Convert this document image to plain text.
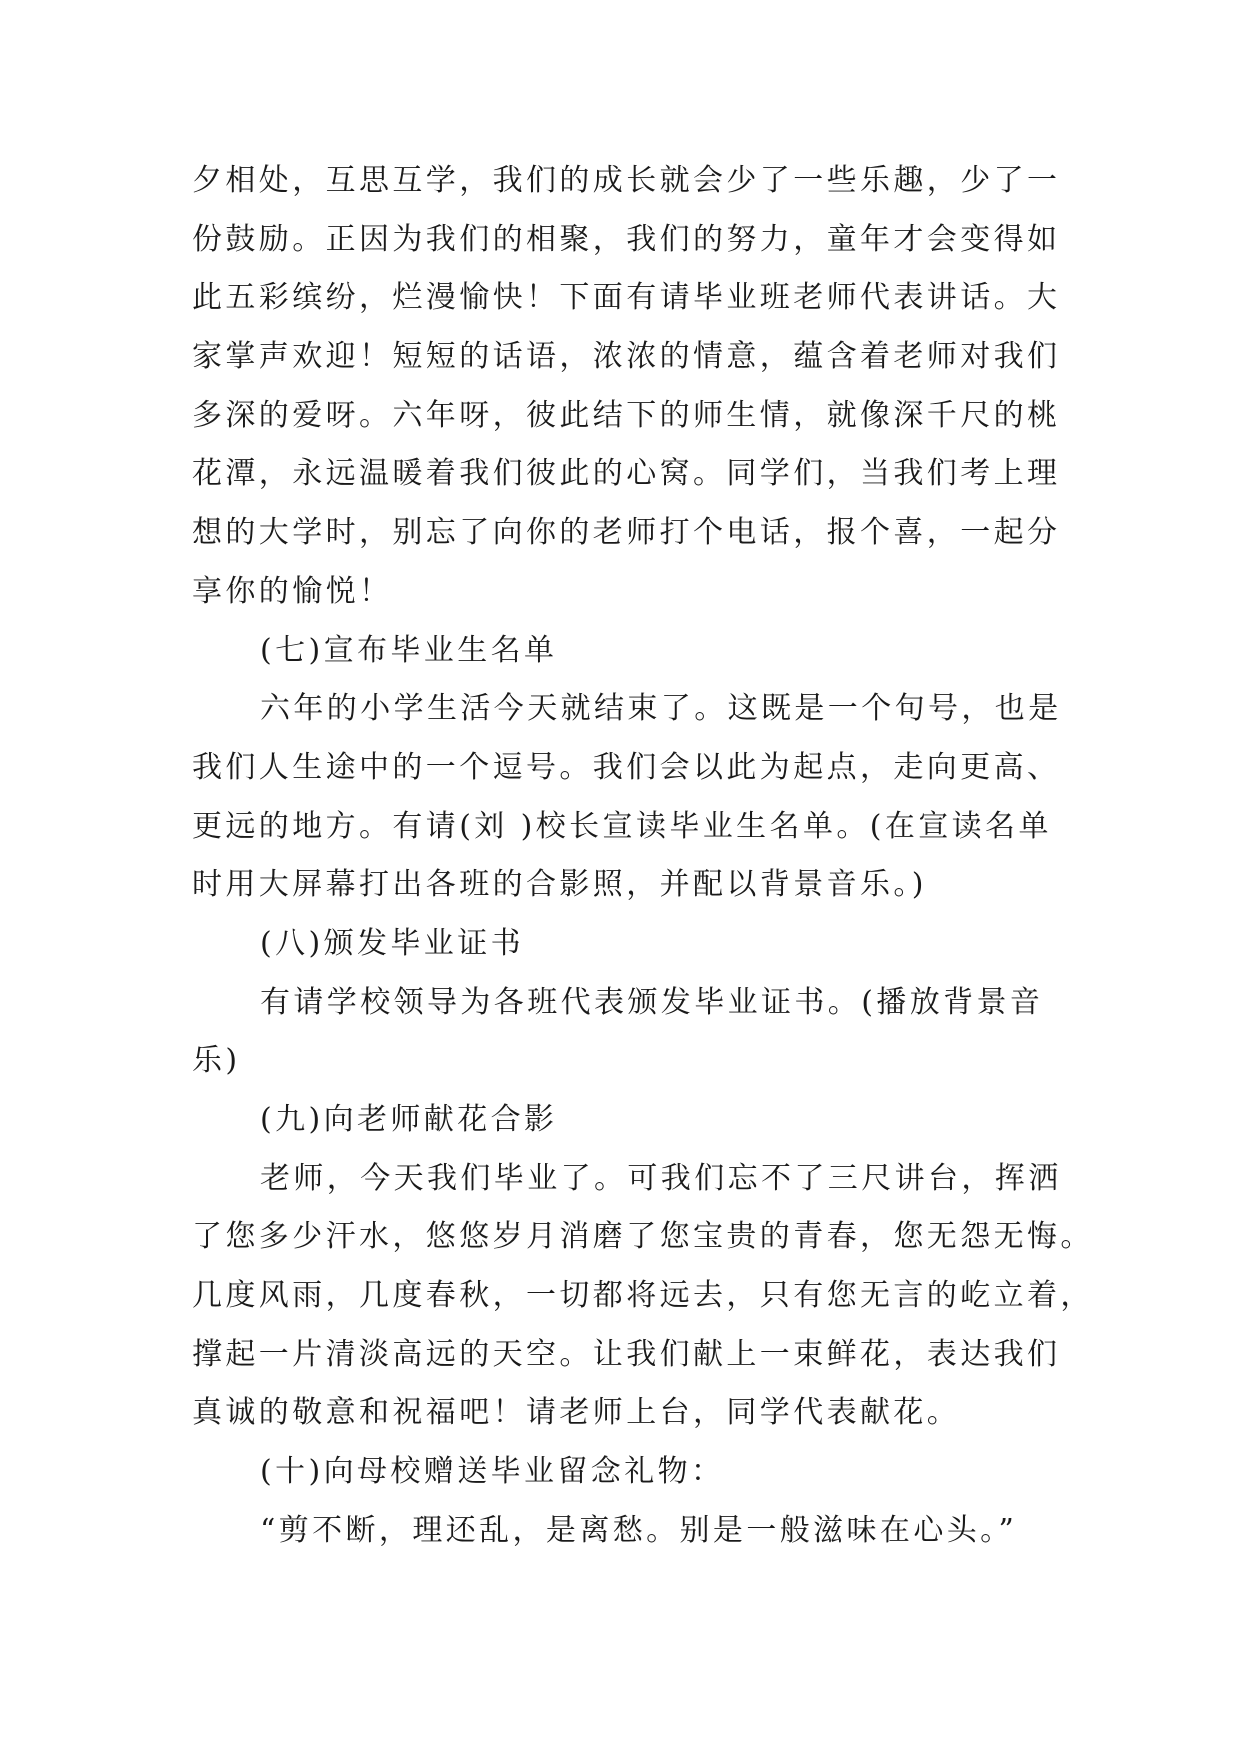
夕相处，互思互学，我们的成长就会少了一些乐趣，少了一
份鼓励。正因为我们的相聚，我们的努力，童年才会变得如
此五彩缤纷，烂漫愉快！下面有请毕业班老师代表讲话。大
家掌声欢迎！短短的话语，浓浓的情意，蕴含着老师对我们
多深的爱呀。六年呀，彼此结下的师生情，就像深千尺的桃
花潭，永远温暖着我们彼此的心窝。同学们，当我们考上理
想的大学时，别忘了向你的老师打个电话，报个喜，一起分
享你的愉悦！
(七)宣布毕业生名单
六年的小学生活今天就结束了。这既是一个句号，也是
我们人生途中的一个逗号。我们会以此为起点，走向更高、
更远的地方。有请(刘 )校长宣读毕业生名单。(在宣读名单
时用大屏幕打出各班的合影照，并配以背景音乐。)
(八)颁发毕业证书
有请学校领导为各班代表颁发毕业证书。(播放背景音
乐)
(九)向老师献花合影
老师，今天我们毕业了。可我们忘不了三尺讲台，挥洒
了您多少汗水，悠悠岁月消磨了您宝贵的青春，您无怨无悔。
几度风雨，几度春秋，一切都将远去，只有您无言的屹立着，
撑起一片清淡高远的天空。让我们献上一束鲜花，表达我们
真诚的敬意和祝福吧！请老师上台，同学代表献花。
(十)向母校赠送毕业留念礼物：
“剪不断，理还乱，是离愁。别是一般滋味在心头。”
